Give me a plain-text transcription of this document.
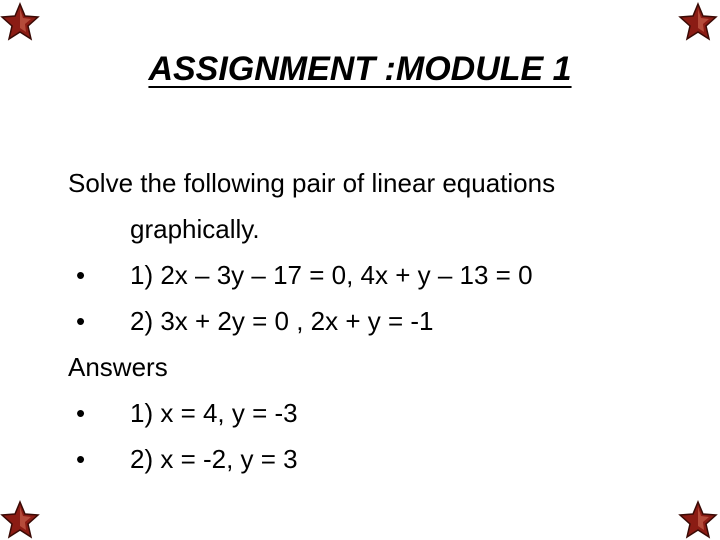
ASSIGNMENT :MODULE 1
Solve the following pair of linear equations
graphically.
•	1) 2x – 3y – 17 = 0, 4x + y – 13 = 0
•	2) 3x + 2y = 0 , 2x + y = -1
Answers
•	1) x = 4, y = -3
•	2) x = -2, y = 3
